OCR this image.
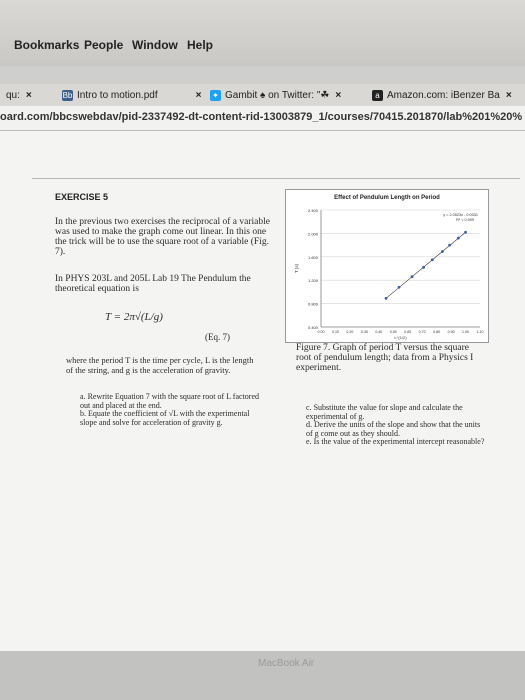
Bookmarks People Window Help
qu: ×	Bb Intro to motion.pdf	× ✦ Gambit ♠ on Twitter: "☘ ×	a Amazon.com: iBenzer Ba ×
oard.com/bbcswebdav/pid-2337492-dt-content-rid-13003879_1/courses/70415.201870/lab%201%20%
EXERCISE 5
In the previous two exercises the reciprocal of a variable was used to make the graph come out linear. In this one the trick will be to use the square root of a variable (Fig. 7).
In PHYS 203L and 205L Lab 19 The Pendulum the theoretical equation is
T = 2π√(L/g)
(Eq. 7)
where the period T is the time per cycle, L is the length of the string, and g is the acceleration of gravity.
a. Rewrite Equation 7 with the square root of L factored out and placed at the end.
b. Equate the coefficient of √L with the experimental slope and solve for acceleration of gravity g.
c. Substitute the value for slope and calculate the experimental of g.
d. Derive the units of the slope and show that the units of g come out as they should.
e. Is the value of the experimental intercept reasonable?
Effect of Pendulum Length on Period
0.400
0.800
1.200
1.600
2.000
2.400
0.00 0.10 0.20 0.30 0.40 0.50 0.60 0.70 0.80 0.90 1.00 1.10
L^(1/2)
T (s)
y = 2.0523x - 0.0331
R² = 0.999
Figure 7. Graph of period T versus the square root of pendulum length; data from a Physics I experiment.
MacBook Air
